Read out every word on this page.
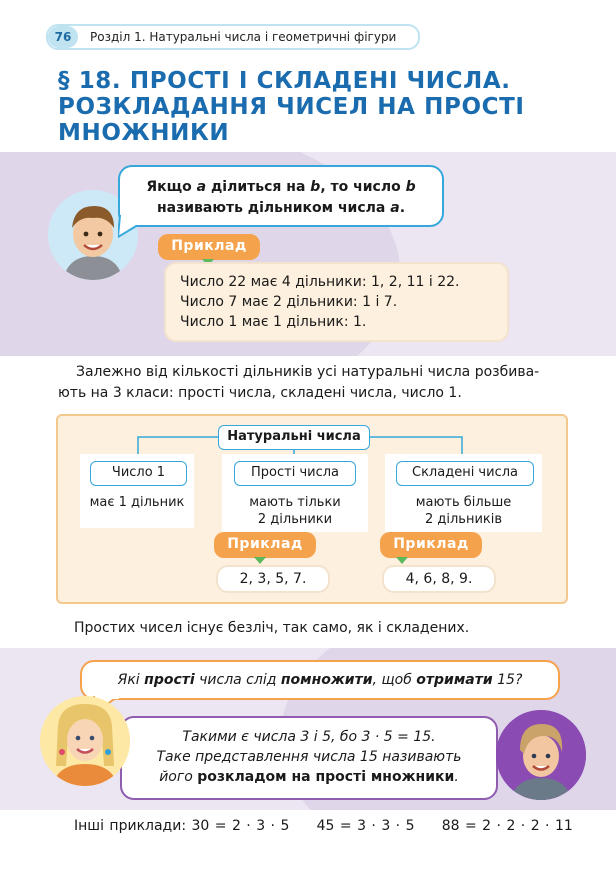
76	Розділ 1. Натуральні числа і геометричні фігури
§ 18. ПРОСТІ І СКЛАДЕНІ ЧИСЛА.
РОЗКЛАДАННЯ ЧИСЕЛ НА ПРОСТІ
МНОЖНИКИ
Якщо a ділиться на b, то число b
називають дільником числа a.
Приклад
Число 22 має 4 дільники: 1, 2, 11 і 22.
Число 7 має 2 дільники: 1 і 7.
Число 1 має 1 дільник: 1.
Залежно від кількості дільників усі натуральні числа розбива-ють на 3 класи: прості числа, складені числа, число 1.
Натуральні числа
Число 1	Прості числа	Складені числа
має 1 дільник	мають тільки
2 дільники
мають більше
2 дільників
Приклад	Приклад
2, 3, 5, 7.	4, 6, 8, 9.
Простих чисел існує безліч, так само, як і складених.
Які прості числа слід помножити, щоб отримати 15?
Такими є числа 3 і 5, бо 3 · 5 = 15.
Таке представлення числа 15 називають
його розкладом на прості множники.
Інші приклади: 30 = 2 · 3 · 5     45 = 3 · 3 · 5     88 = 2 · 2 · 2 · 11
